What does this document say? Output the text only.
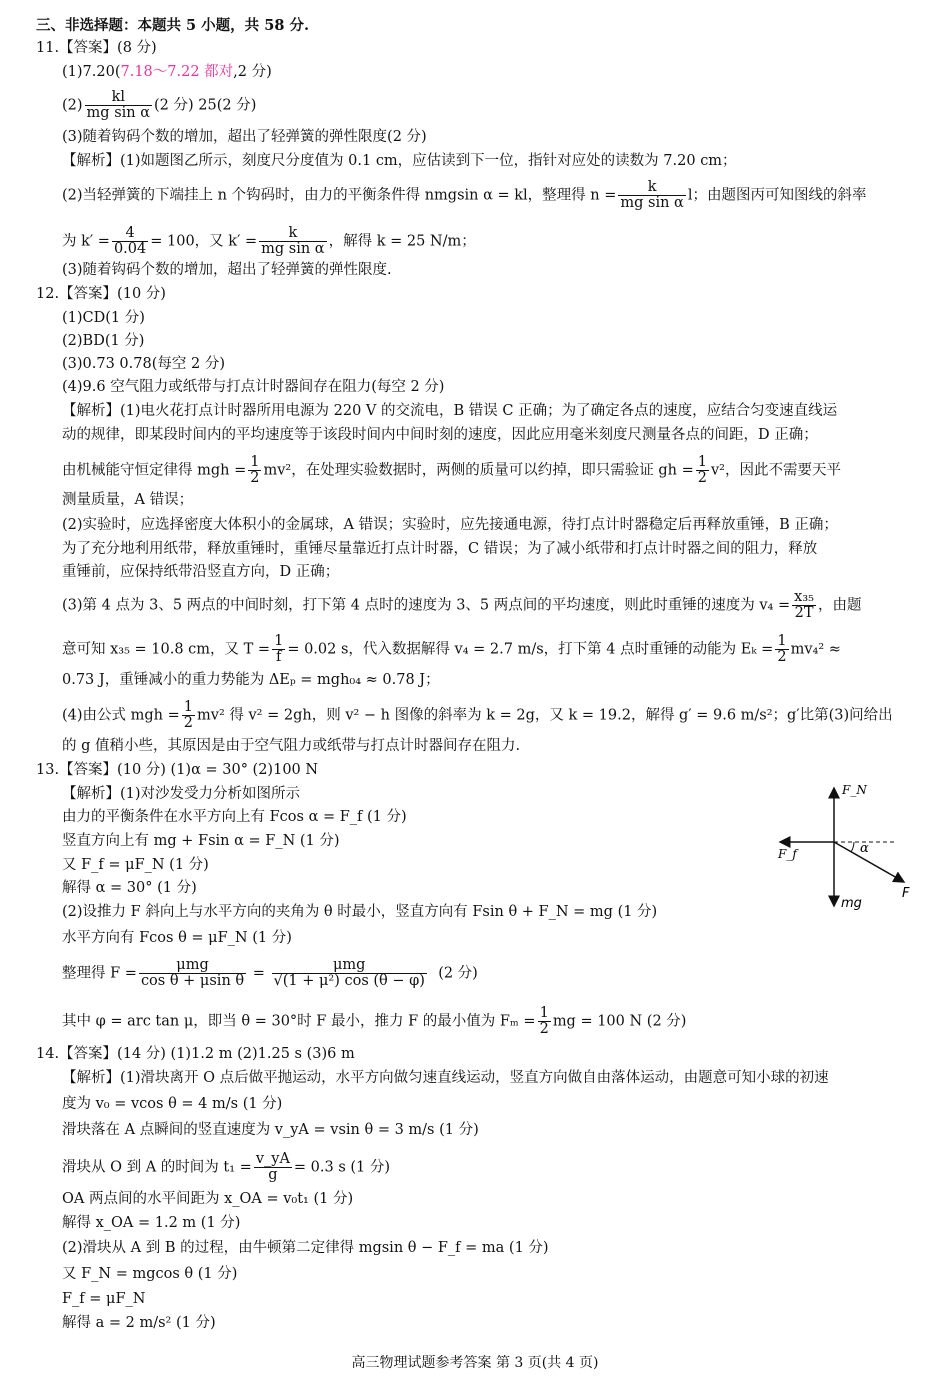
三、非选择题：本题共 5 小题，共 58 分.
11.【答案】(8 分)
(1)7.20(7.18～7.22 都对,2 分)
$(2) \frac{kl}{\text{mg sin α}} (2$ 分) 25(2 分)
(3)随着钩码个数的增加，超出了轻弹簧的弹性限度(2 分)
【解析】(1)如题图乙所示，刻度尺分度值为 0.1 cm，应估读到下一位，指针对应处的读数为 7.20 cm；
(2)当轻弹簧的下端挂上 n 个钩码时，由力的平衡条件得 nmgsin α = kl，整理得 $n = \frac{k}{\text{mg sin α}}$ l；由题图丙可知图线的斜率
为 $k' = \frac{4}{0.04} = 100$，又 $k' = \frac{k}{\text{mg sin α}}$ ，解得 k = 25 N/m；
(3)随着钩码个数的增加，超出了轻弹簧的弹性限度.
12.【答案】(10 分)
(1)CD(1 分)
(2)BD(1 分)
(3)0.73 0.78(每空 2 分)
(4)9.6 空气阻力或纸带与打点计时器间存在阻力(每空 2 分)
【解析】(1)电火花打点计时器所用电源为 220 V 的交流电，B 错误 C 正确；为了确定各点的速度，应结合匀变速直线运
动的规律，即某段时间内的平均速度等于该段时间内中间时刻的速度，因此应用毫米刻度尺测量各点的间距，D 正确；
由机械能守恒定律得 mgh = $\frac{1}{2} mv^2$，在处理实验数据时，两侧的质量可以约掉，即只需验证 gh = $\frac{1}{2} v^2$，因此不需要天平
测量质量，A 错误；
(2)实验时，应选择密度大体积小的金属球，A 错误；实验时，应先接通电源，待打点计时器稳定后再释放重锤，B 正确；
为了充分地利用纸带，释放重锤时，重锤尽量靠近打点计时器，C 错误；为了减小纸带和打点计时器之间的阻力，释放
重锤前，应保持纸带沿竖直方向，D 正确；
(3)第 4 点为 3、5 两点的中间时刻，打下第 4 点时的速度为 3、5 两点间的平均速度，则此时重锤的速度为 $v_4 = \frac{\text{x₃₅}}{2T}$ ，由题
意可知 x₃₅ = 10.8 cm，又 $T = \frac{1}{f} = 0.02$ s，代入数据解得 v₄ = 2.7 m/s，打下第 4 点时重锤的动能为 $E_k = \frac{1}{2} mv_4^2$ ≈
0.73 J，重锤减小的重力势能为 ΔEₚ = mgh₀₄ ≈ 0.78 J；
(4)由公式 mgh = $\frac{1}{2} mv^2$ 得 v² = 2gh，则 v² − h 图像的斜率为 k = 2g，又 k = 19.2，解得 g′ = 9.6 m/s²；g′比第(3)问给出
的 g 值稍小些，其原因是由于空气阻力或纸带与打点计时器间存在阻力.
13.【答案】(10 分) (1)α = 30° (2)100 N
【解析】(1)对沙发受力分析如图所示
由力的平衡条件在水平方向上有 Fcos α = F_f (1 分)
竖直方向上有 mg + Fsin α = F_N (1 分)
又 F_f = μF_N (1 分)
解得 α = 30° (1 分)
(2)设推力 F 斜向上与水平方向的夹角为 θ 时最小，竖直方向有 Fsin θ + F_N = mg (1 分)
水平方向有 Fcos θ = μF_N (1 分)
整理得 $F = \frac{\text{μmg}}{\text{cos θ + μsin θ}} = \frac{\text{μmg}}{\text{√(1 + μ²) cos (θ − φ)}} (2$ 分)
其中 φ = arc tan μ，即当 θ = 30°时 F 最小，推力 F 的最小值为 $F_m = \frac{1}{2}$ mg = 100 N (2 分)
F_N
F_f	α
F
mg
14.【答案】(14 分) (1)1.2 m (2)1.25 s (3)6 m
【解析】(1)滑块离开 O 点后做平抛运动，水平方向做匀速直线运动，竖直方向做自由落体运动，由题意可知小球的初速
度为 v₀ = vcos θ = 4 m/s (1 分)
滑块落在 A 点瞬间的竖直速度为 v_yA = vsin θ = 3 m/s (1 分)
滑块从 O 到 A 的时间为 $t_1 = \frac{v\_yA}{g} = 0.3$ s (1 分)
OA 两点间的水平间距为 x_OA = v₀t₁ (1 分)
解得 x_OA = 1.2 m (1 分)
(2)滑块从 A 到 B 的过程，由牛顿第二定律得 mgsin θ − F_f = ma (1 分)
又 F_N = mgcos θ (1 分)
F_f = μF_N
解得 a = 2 m/s² (1 分)
高三物理试题参考答案 第 3 页(共 4 页)
